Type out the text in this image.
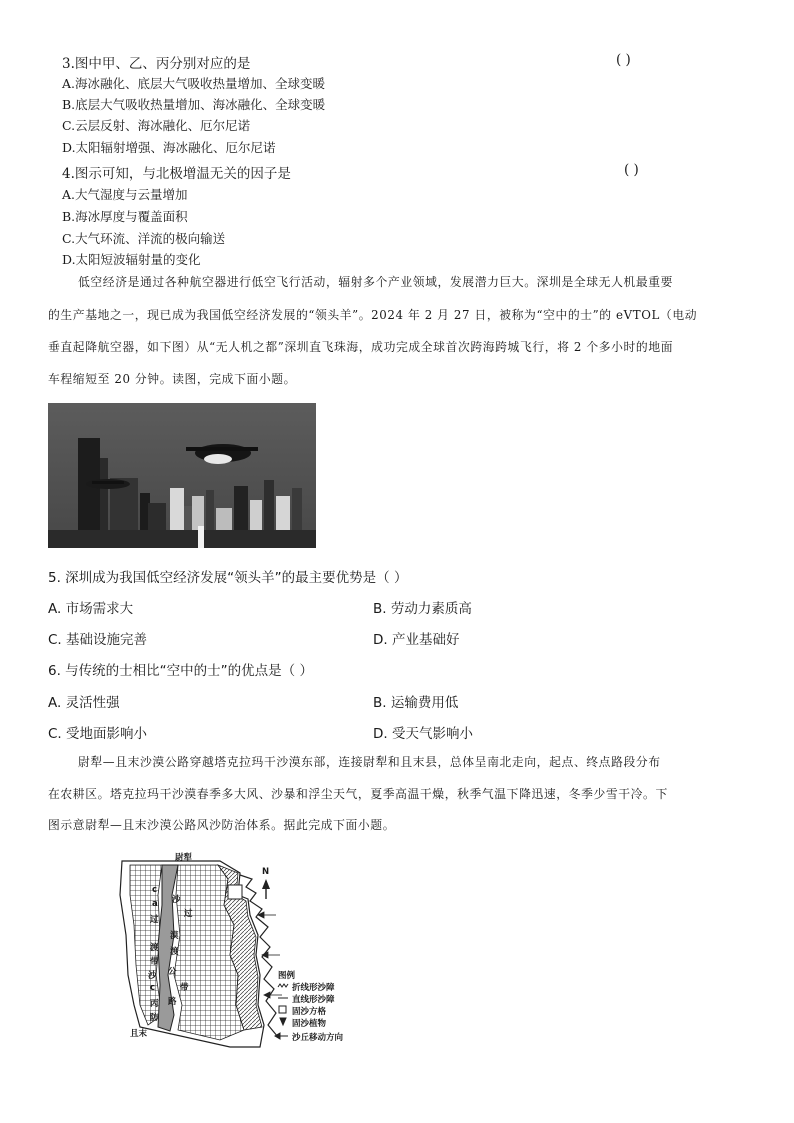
3.图中甲、乙、丙分别对应的是	( )
A.海冰融化、底层大气吸收热量增加、全球变暖
B.底层大气吸收热量增加、海冰融化、全球变暖
C.云层反射、海冰融化、厄尔尼诺
D.太阳辐射增强、海冰融化、厄尔尼诺
4.图示可知，与北极增温无关的因子是	( )
A.大气湿度与云量增加
B.海冰厚度与覆盖面积
C.大气环流、洋流的极向输送
D.太阳短波辐射量的变化
低空经济是通过各种航空器进行低空飞行活动，辐射多个产业领域，发展潜力巨大。深圳是全球无人机最重要
的生产基地之一，现已成为我国低空经济发展的“领头羊”。2024 年 2 月 27 日，被称为“空中的士”的 eVTOL（电动
垂直起降航空器，如下图）从“无人机之都”深圳直飞珠海，成功完成全球首次跨海跨城飞行，将 2 个多小时的地面
车程缩短至 20 分钟。读图，完成下面小题。
5. 深圳成为我国低空经济发展“领头羊”的最主要优势是（ ）
A. 市场需求大	B. 劳动力素质高
C. 基础设施完善	D. 产业基础好
6. 与传统的士相比“空中的士”的优点是（ ）
A. 灵活性强	B. 运输费用低
C. 受地面影响小	D. 受天气影响小
尉犁—且末沙漠公路穿越塔克拉玛干沙漠东部，连接尉犁和且末县，总体呈南北走向，起点、终点路段分布
在农耕区。塔克拉玛干沙漠春季多大风、沙暴和浮尘天气，夏季高温干燥，秋季气温下降迅速，冬季少雪干冷。下
图示意尉犁—且末沙漠公路风沙防治体系。据此完成下面小题。
尉犁
且末
N
c
a
过
渡
带
沙
c
丙
防
沙
过
漠
渡
公
带
路
图例
折线形沙障
直线形沙障
固沙方格
固沙植物
沙丘移动方向
